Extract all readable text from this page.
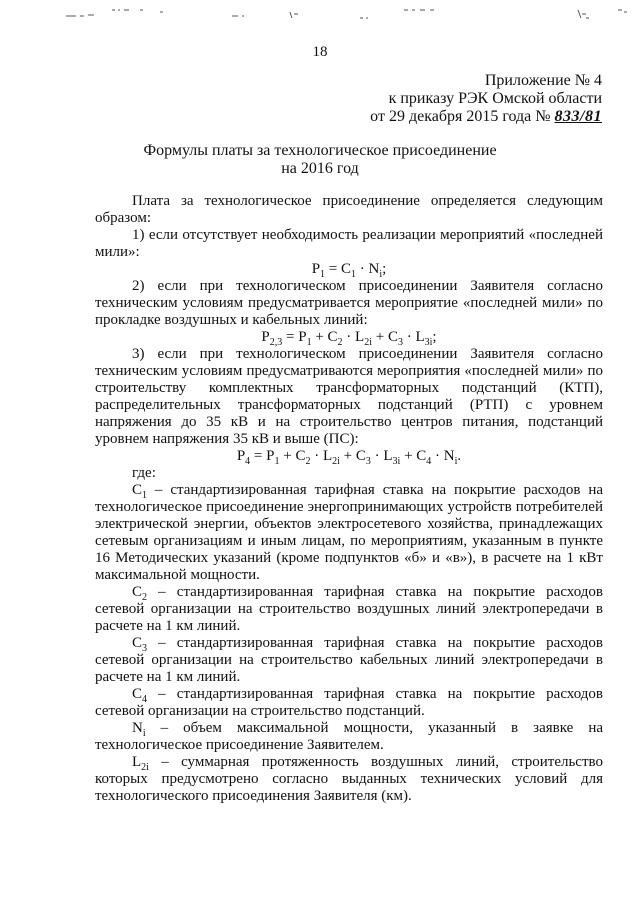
18
Приложение № 4
к приказу РЭК Омской области
от 29 декабря 2015 года № 833/81
Формулы платы за технологическое присоединение
на 2016 год

Плата за технологическое присоединение определяется следующим образом:

1) если отсутствует необходимость реализации мероприятий «последней мили»:

$P_1 = C_1 \cdot N_i$;

2) если при технологическом присоединении Заявителя согласно техническим условиям предусматривается мероприятие «последней мили» по прокладке воздушных и кабельных линий:

$P_{2,3} = P_1 + C_2 \cdot L_{2i} + C_3 \cdot L_{3i}$;

3) если при технологическом присоединении Заявителя согласно техническим условиям предусматриваются мероприятия «последней мили» по строительству комплектных трансформаторных подстанций (КТП), распределительных трансформаторных подстанций (РТП) с уровнем напряжения до 35 кВ и на строительство центров питания, подстанций уровнем напряжения 35 кВ и выше (ПС):

$P_4 = P_1 + C_2 \cdot L_{2i} + C_3 \cdot L_{3i} + C_4 \cdot N_i$.

где:

$C_1$ – стандартизированная тарифная ставка на покрытие расходов на технологическое присоединение энергопринимающих устройств потребителей электрической энергии, объектов электросетевого хозяйства, принадлежащих сетевым организациям и иным лицам, по мероприятиям, указанным в пункте 16 Методических указаний (кроме подпунктов «б» и «в»), в расчете на 1 кВт максимальной мощности.

$C_2$ – стандартизированная тарифная ставка на покрытие расходов сетевой организации на строительство воздушных линий электропередачи в расчете на 1 км линий.

$C_3$ – стандартизированная тарифная ставка на покрытие расходов сетевой организации на строительство кабельных линий электропередачи в расчете на 1 км линий.

$C_4$ – стандартизированная тарифная ставка на покрытие расходов сетевой организации на строительство подстанций.

$N_i$ – объем максимальной мощности, указанный в заявке на технологическое присоединение Заявителем.

$L_{2i}$ – суммарная протяженность воздушных линий, строительство которых предусмотрено согласно выданных технических условий для технологического присоединения Заявителя (км).
